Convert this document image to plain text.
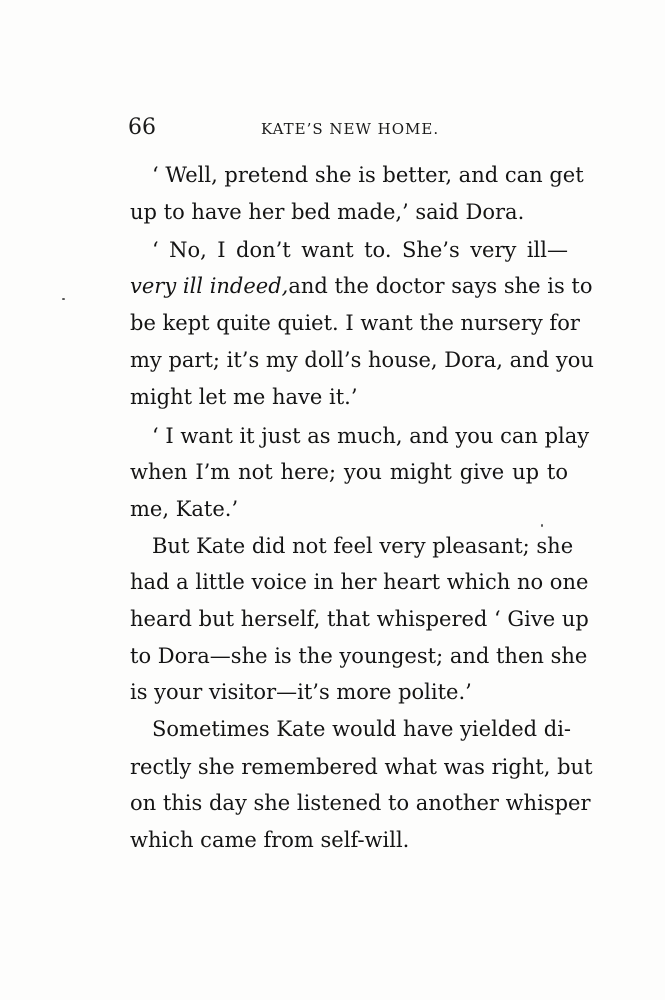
66	KATE’S NEW HOME.
‘ Well, pretend she is better, and can get
up to have her bed made,’ said Dora.
‘ No, I don’t want to. She’s very ill—
very ill indeed, and the doctor says she is to
be kept quite quiet. I want the nursery for
my part; it’s my doll’s house, Dora, and you
might let me have it.’
‘ I want it just as much, and you can play
when I’m not here; you might give up to
me, Kate.’
But Kate did not feel very pleasant; she
had a little voice in her heart which no one
heard but herself, that whispered ‘ Give up
to Dora—she is the youngest; and then she
is your visitor—it’s more polite.’
Sometimes Kate would have yielded di-
rectly she remembered what was right, but
on this day she listened to another whisper
which came from self-will.
